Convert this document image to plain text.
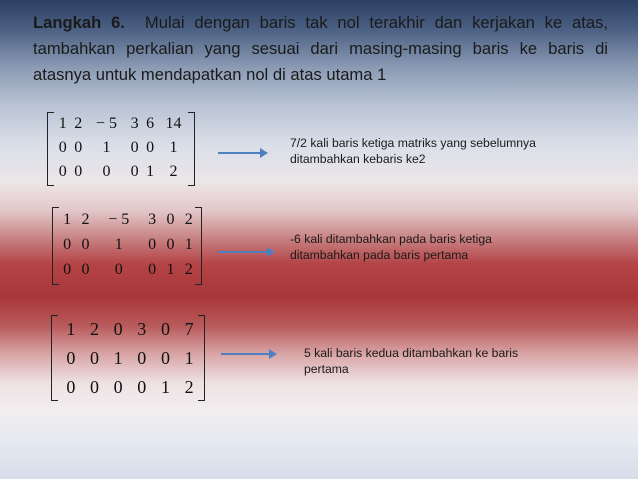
Langkah 6. Mulai dengan baris tak nol terakhir dan kerjakan ke atas, tambahkan perkalian yang sesuai dari masing-masing baris ke baris di atasnya untuk mendapatkan nol di atas utama 1
1	2	− 5	3	6	14
0	0	1	0	0	1
0	0	0	0	1	2
7/2 kali baris ketiga matriks yang sebelumnya ditambahkan kebaris ke2
1	2	− 5	3	0	2
0	0	1	0	0	1
0	0	0	0	1	2
-6 kali ditambahkan pada baris ketiga ditambahkan pada baris pertama
1	2	0	3	0	7
0	0	1	0	0	1
0	0	0	0	1	2
5 kali baris kedua ditambahkan ke baris pertama
